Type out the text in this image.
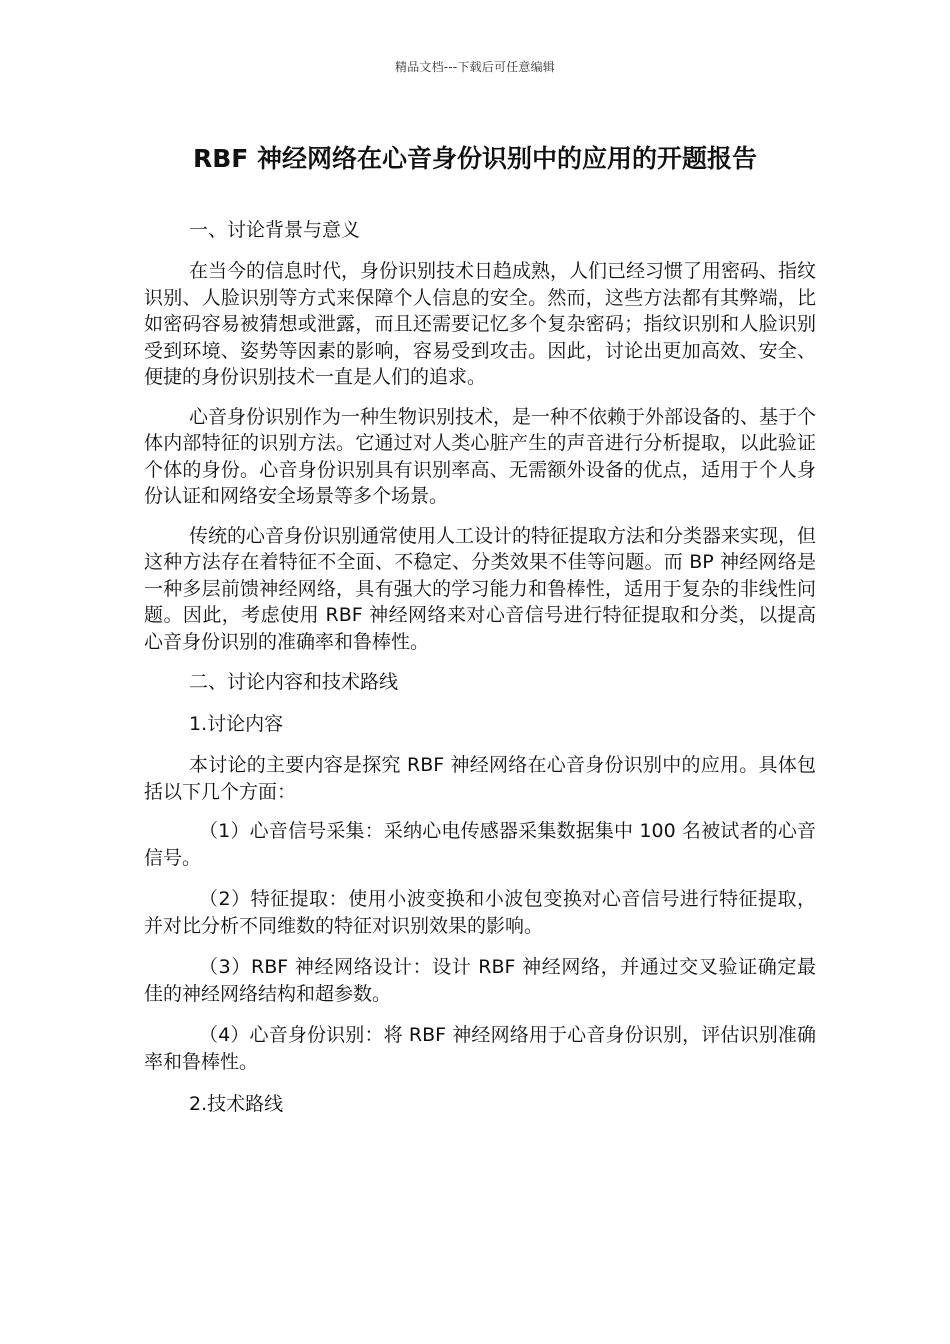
精品文档---下载后可任意编辑
RBF 神经网络在心音身份识别中的应用的开题报告

一、讨论背景与意义

在当今的信息时代，身份识别技术日趋成熟，人们已经习惯了用密码、指纹识别、人脸识别等方式来保障个人信息的安全。然而，这些方法都有其弊端，比如密码容易被猜想或泄露，而且还需要记忆多个复杂密码；指纹识别和人脸识别受到环境、姿势等因素的影响，容易受到攻击。因此，讨论出更加高效、安全、便捷的身份识别技术一直是人们的追求。

心音身份识别作为一种生物识别技术，是一种不依赖于外部设备的、基于个体内部特征的识别方法。它通过对人类心脏产生的声音进行分析提取，以此验证个体的身份。心音身份识别具有识别率高、无需额外设备的优点，适用于个人身份认证和网络安全场景等多个场景。

传统的心音身份识别通常使用人工设计的特征提取方法和分类器来实现，但这种方法存在着特征不全面、不稳定、分类效果不佳等问题。而 BP 神经网络是一种多层前馈神经网络，具有强大的学习能力和鲁棒性，适用于复杂的非线性问题。因此，考虑使用 RBF 神经网络来对心音信号进行特征提取和分类，以提高心音身份识别的准确率和鲁棒性。

二、讨论内容和技术路线

1.讨论内容

本讨论的主要内容是探究 RBF 神经网络在心音身份识别中的应用。具体包括以下几个方面：

（1）心音信号采集：采纳心电传感器采集数据集中 100 名被试者的心音信号。

（2）特征提取：使用小波变换和小波包变换对心音信号进行特征提取，并对比分析不同维数的特征对识别效果的影响。

（3）RBF 神经网络设计：设计 RBF 神经网络，并通过交叉验证确定最佳的神经网络结构和超参数。

（4）心音身份识别：将 RBF 神经网络用于心音身份识别，评估识别准确率和鲁棒性。

2.技术路线
